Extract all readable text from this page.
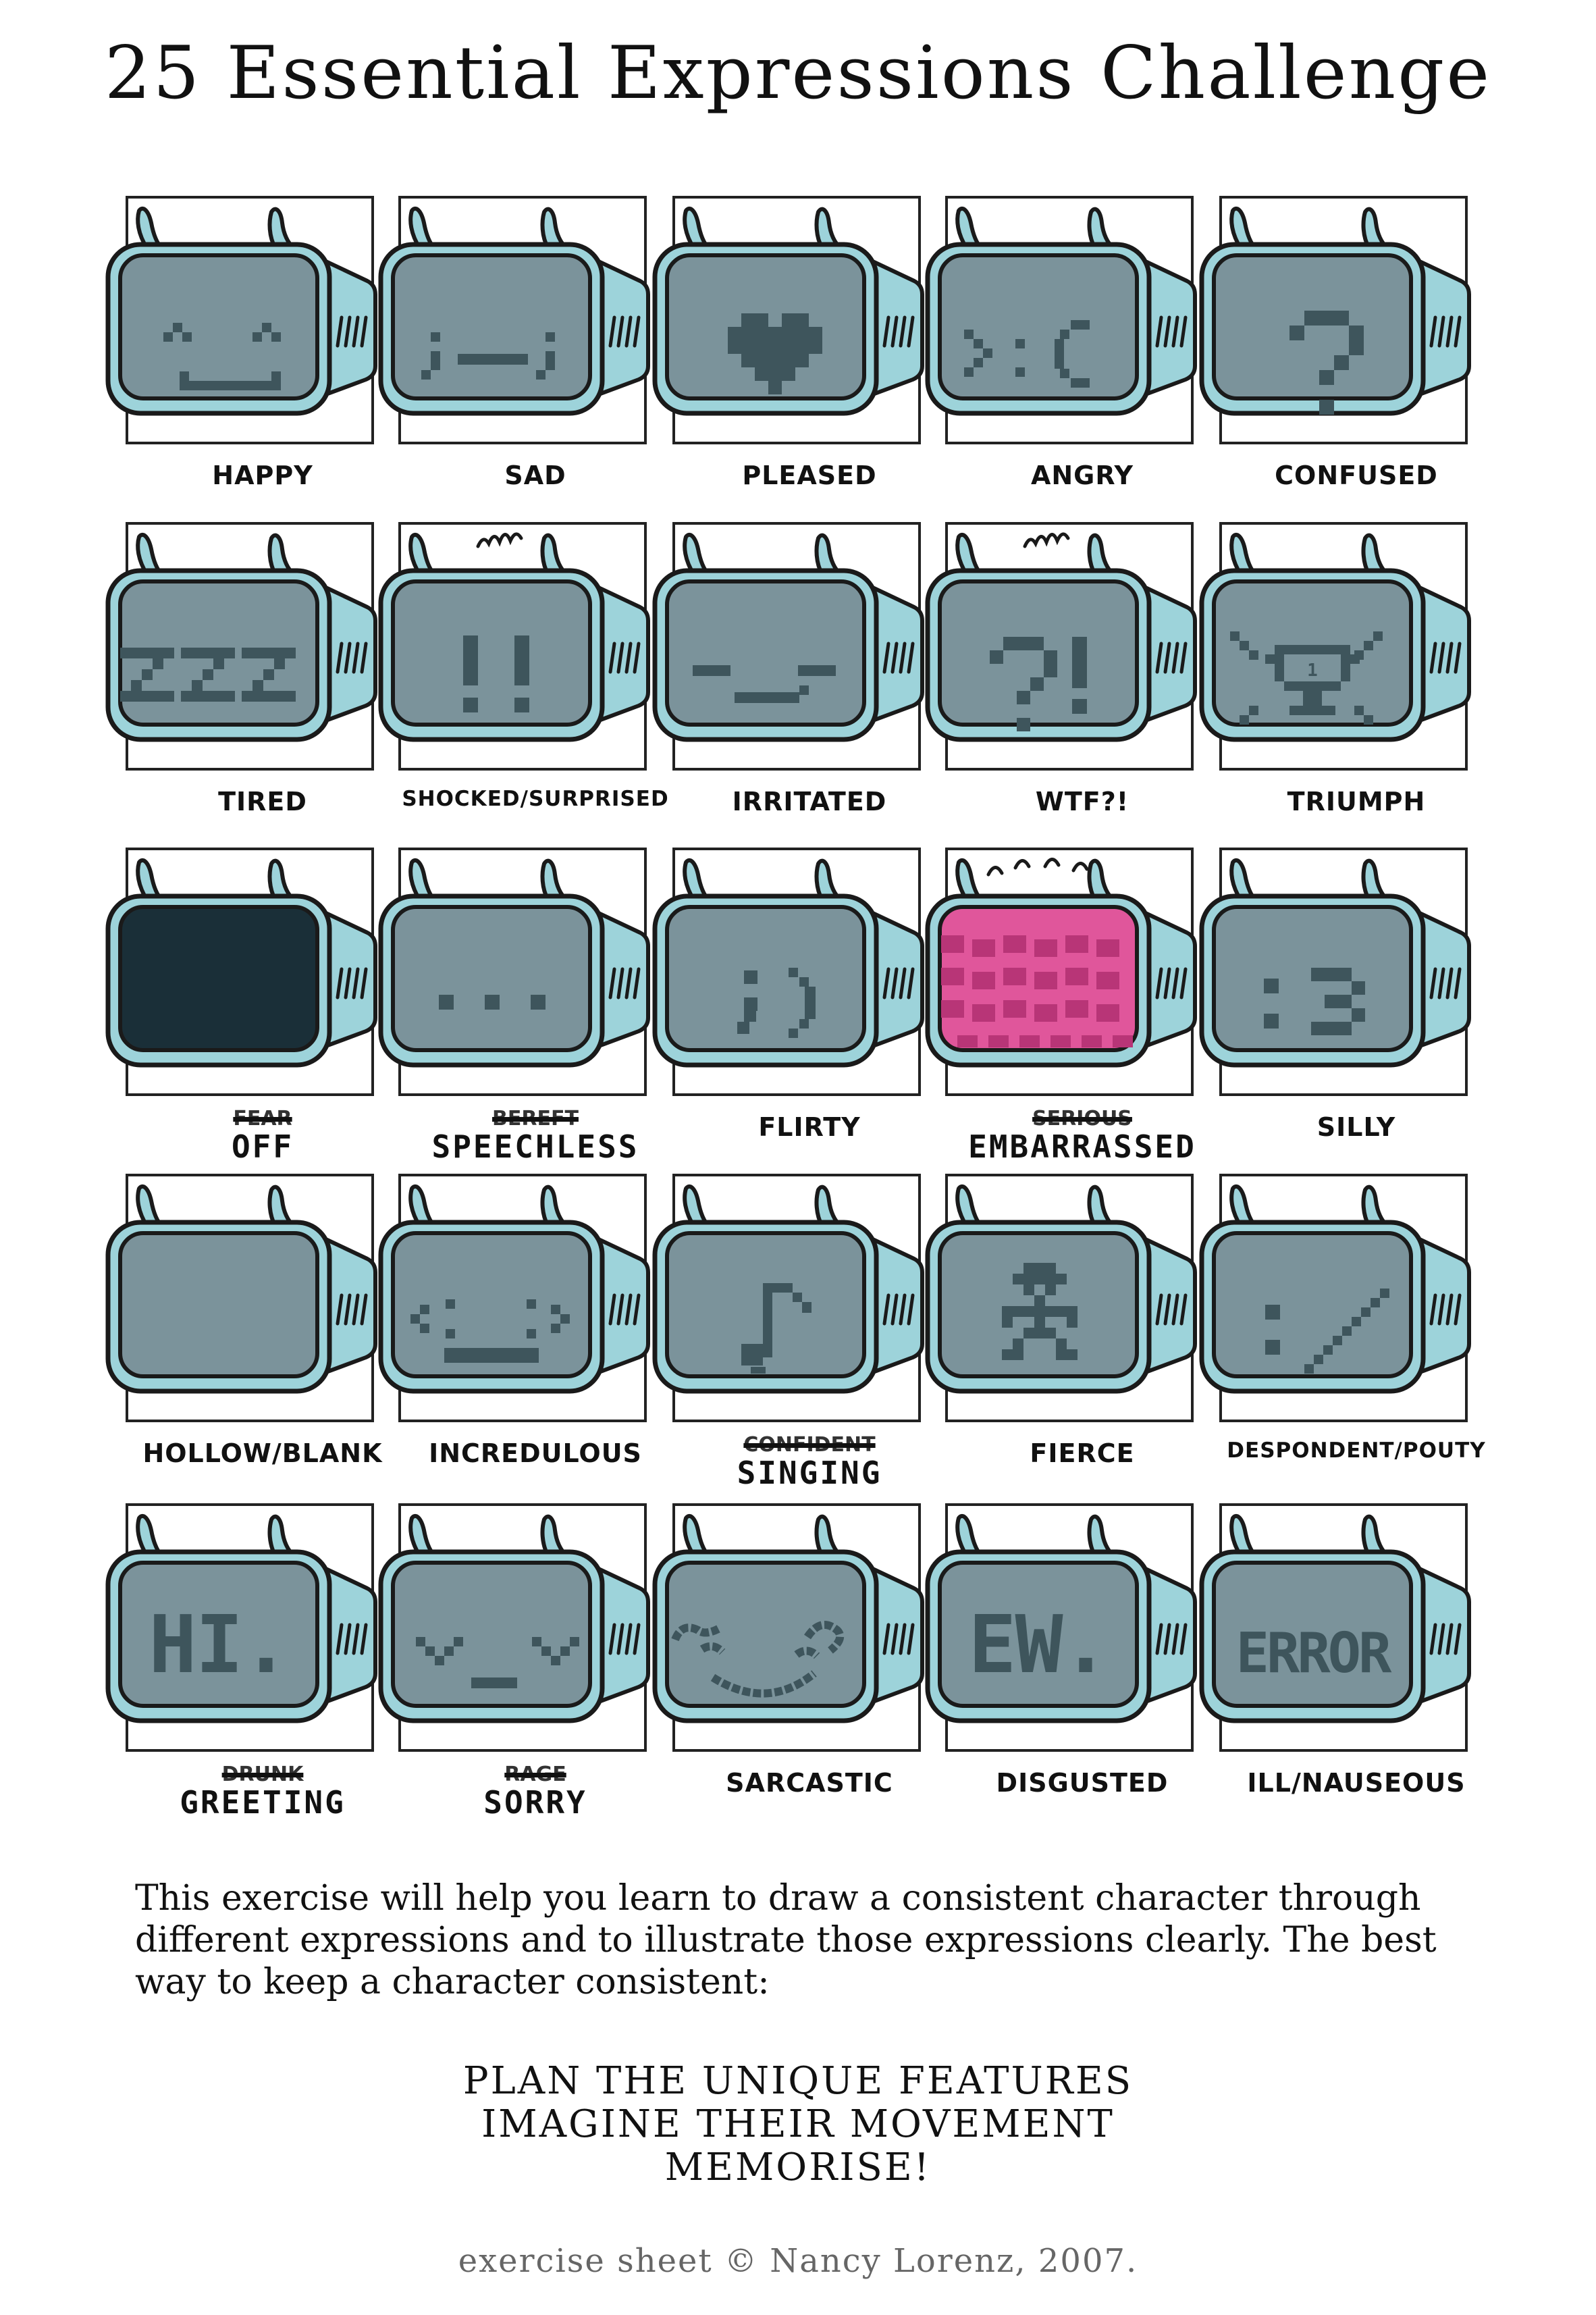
25 Essential Expressions Challenge
HAPPY	SAD	PLEASED	ANGRY	CONFUSED
TIRED	SHOCKED/SURPRISED	IRRITATED	WTF?!
1
TRIUMPH
FEAR
OFF
BEREFT
SPEECHLESS
FLIRTY	SERIOUS
EMBARRASSED
SILLY
HOLLOW/BLANK	INCREDULOUS	CONFIDENT
SINGING
FIERCE	DESPONDENT/POUTY
HI.
DRUNK
GREETING
RAGE
SORRY
SARCASTIC
EW.
DISGUSTED
ERROR
ILL/NAUSEOUS
This exercise will help you learn to draw a consistent character through different expressions and to illustrate those expressions clearly. The best way to keep a character consistent:
PLAN THE UNIQUE FEATURES
IMAGINE THEIR MOVEMENT
MEMORISE!
exercise sheet © Nancy Lorenz, 2007.
